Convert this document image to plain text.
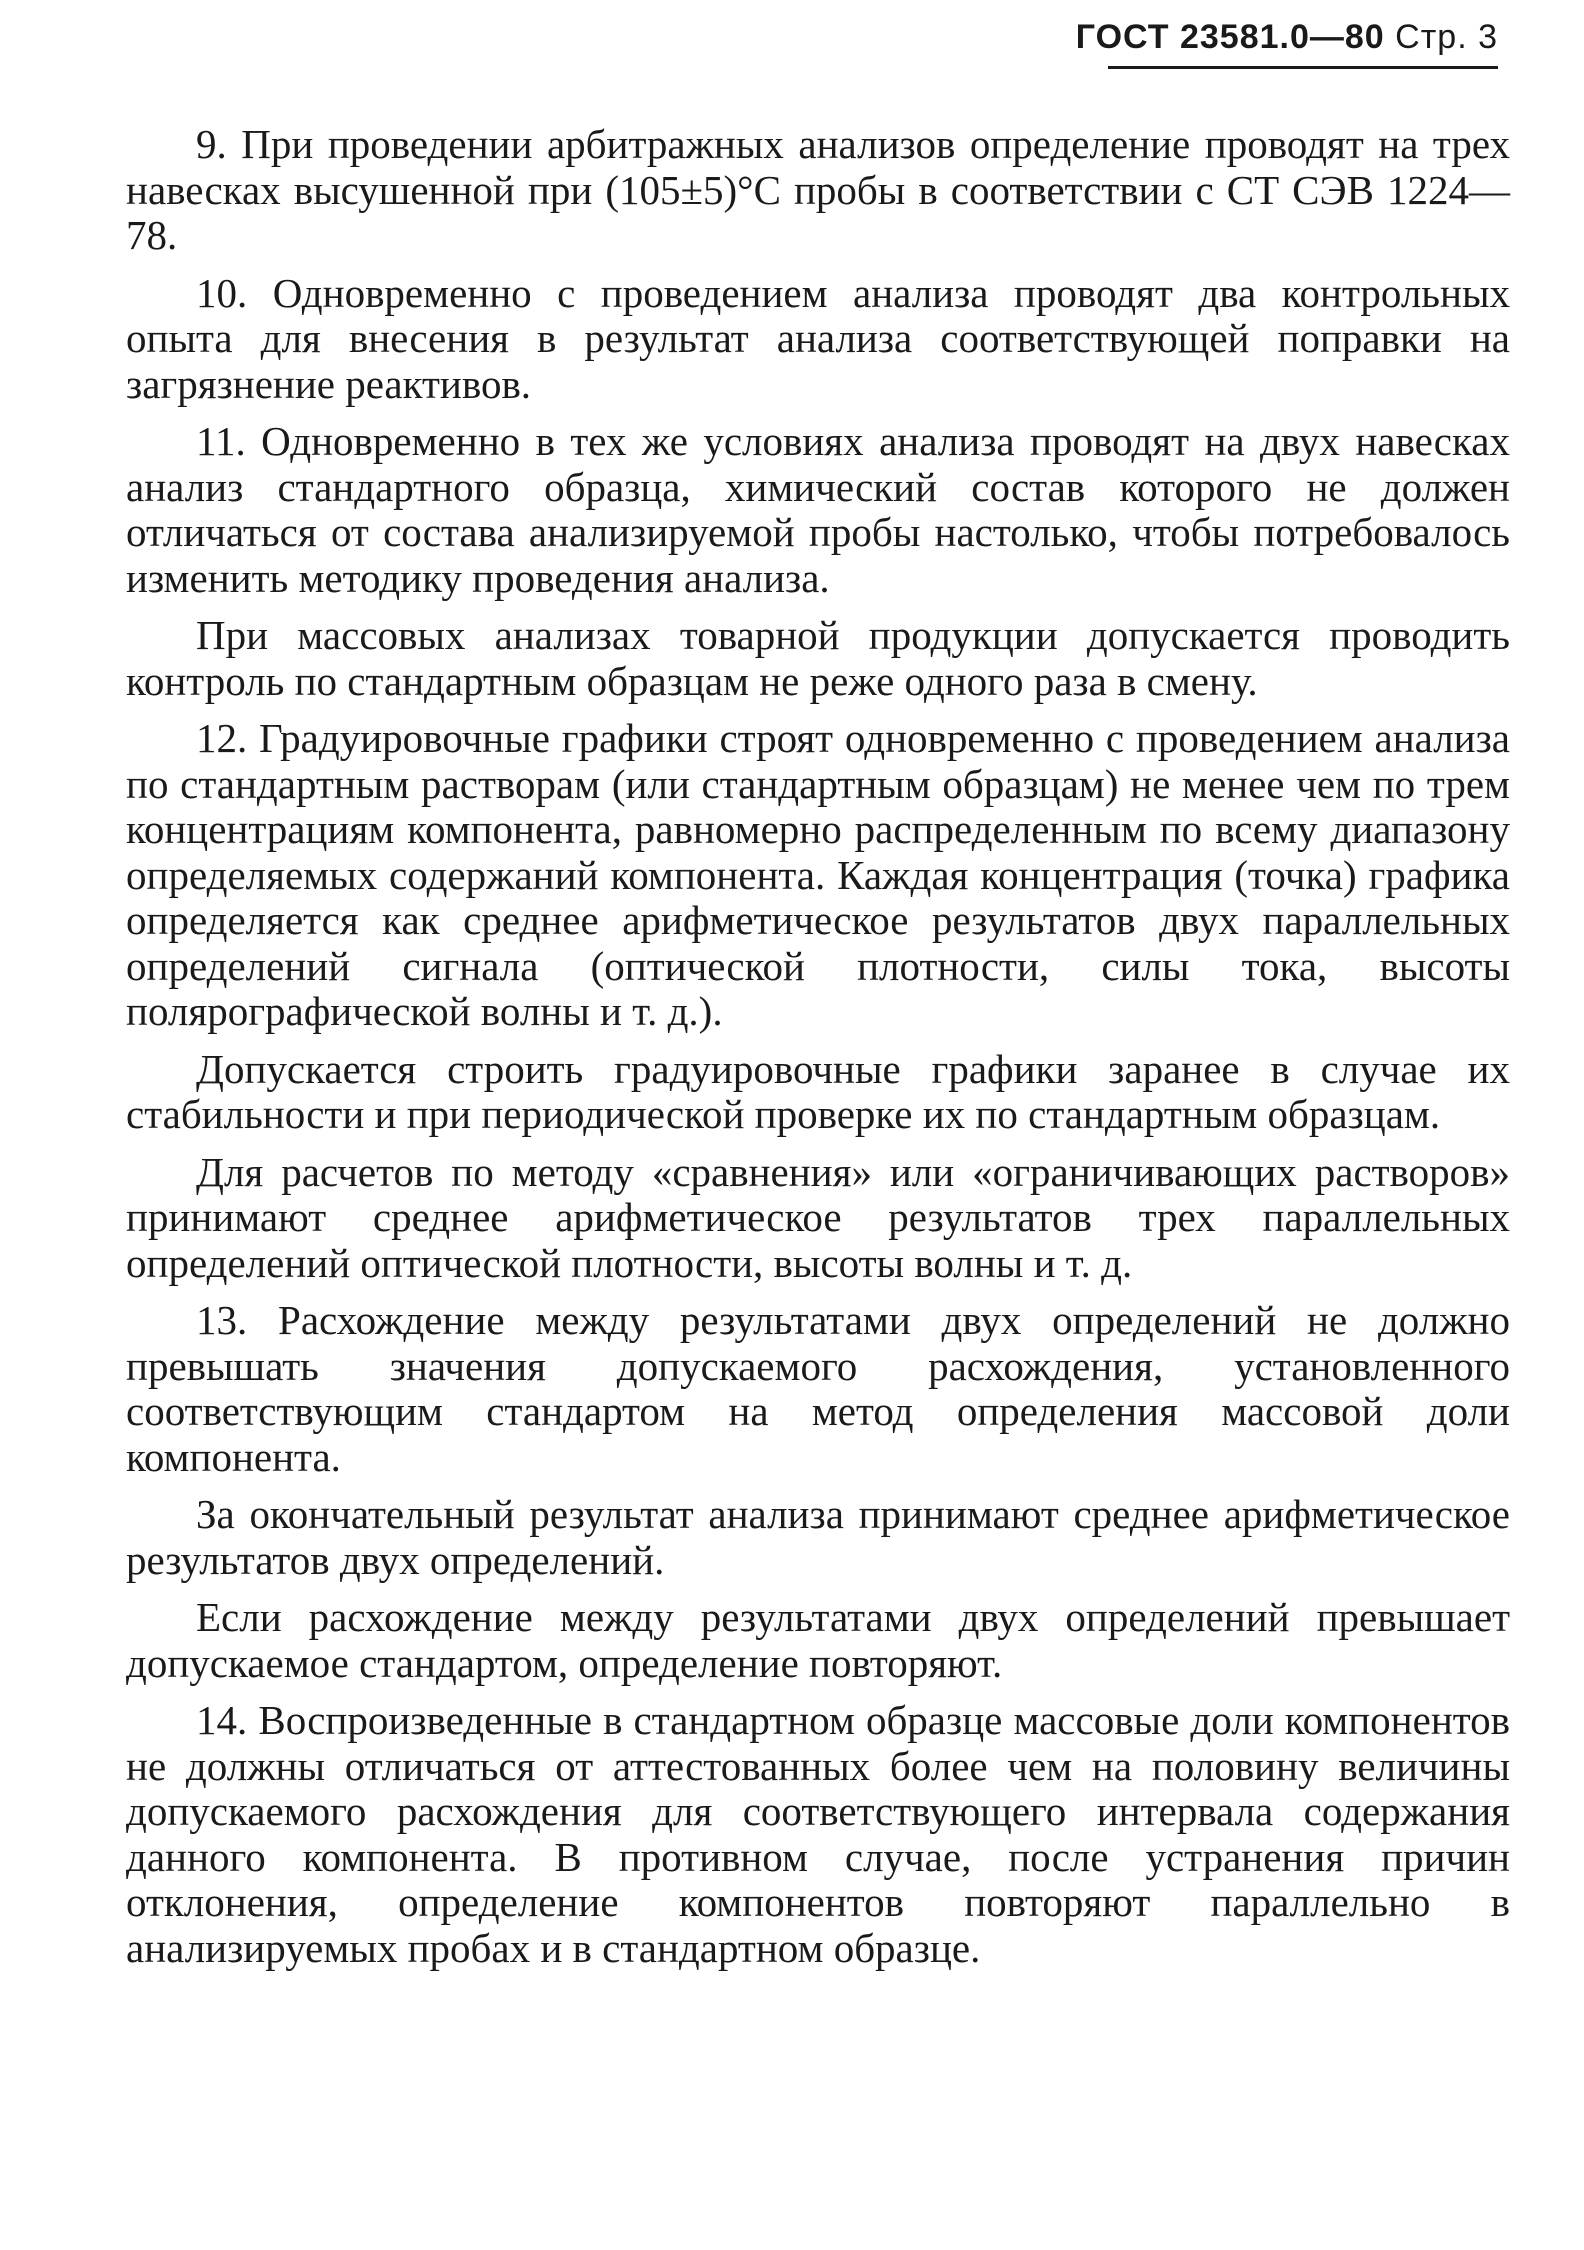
ГОСТ 23581.0—80 Стр. 3

9. При проведении арбитражных анализов определение проводят на трех навесках высушенной при (105±5)°С пробы в соответствии с СТ СЭВ 1224—78.

10. Одновременно с проведением анализа проводят два контрольных опыта для внесения в результат анализа соответствующей поправки на загрязнение реактивов.

11. Одновременно в тех же условиях анализа проводят на двух навесках анализ стандартного образца, химический состав которого не должен отличаться от состава анализируемой пробы настолько, чтобы потребовалось изменить методику проведения анализа.

При массовых анализах товарной продукции допускается проводить контроль по стандартным образцам не реже одного раза в смену.

12. Градуировочные графики строят одновременно с проведением анализа по стандартным растворам (или стандартным образцам) не менее чем по трем концентрациям компонента, равномерно распределенным по всему диапазону определяемых содержаний компонента. Каждая концентрация (точка) графика определяется как среднее арифметическое результатов двух параллельных определений сигнала (оптической плотности, силы тока, высоты полярографической волны и т. д.).

Допускается строить градуировочные графики заранее в случае их стабильности и при периодической проверке их по стандартным образцам.

Для расчетов по методу «сравнения» или «ограничивающих растворов» принимают среднее арифметическое результатов трех параллельных определений оптической плотности, высоты волны и т. д.

13. Расхождение между результатами двух определений не должно превышать значения допускаемого расхождения, установленного соответствующим стандартом на метод определения массовой доли компонента.

За окончательный результат анализа принимают среднее арифметическое результатов двух определений.

Если расхождение между результатами двух определений превышает допускаемое стандартом, определение повторяют.

14. Воспроизведенные в стандартном образце массовые доли компонентов не должны отличаться от аттестованных более чем на половину величины допускаемого расхождения для соответствующего интервала содержания данного компонента. В противном случае, после устранения причин отклонения, определение компонентов повторяют параллельно в анализируемых пробах и в стандартном образце.
